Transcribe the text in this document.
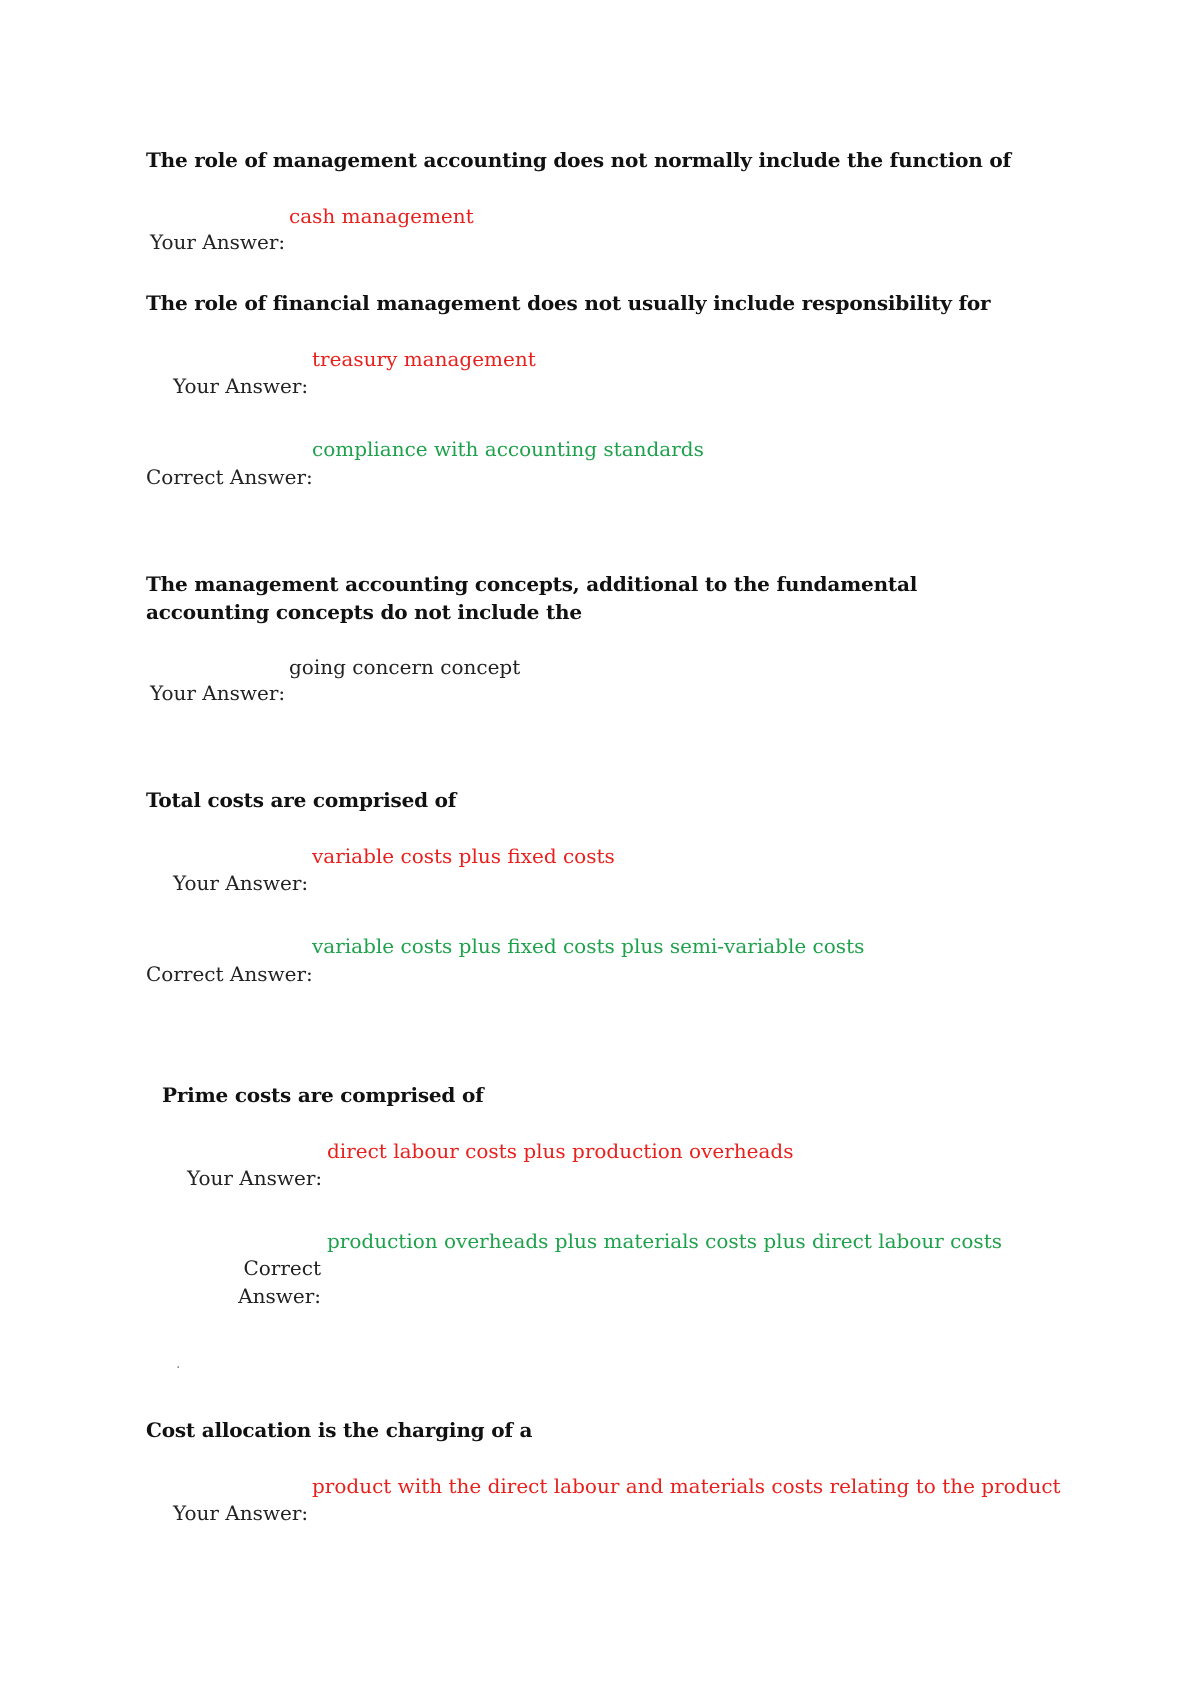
The role of management accounting does not normally include the function of
cash management
Your Answer:
The role of financial management does not usually include responsibility for
treasury management
Your Answer:
compliance with accounting standards
Correct Answer:
The management accounting concepts, additional to the fundamental accounting concepts do not include the
going concern concept
Your Answer:
Total costs are comprised of
variable costs plus fixed costs
Your Answer:
variable costs plus fixed costs plus semi-variable costs
Correct Answer:
Prime costs are comprised of
direct labour costs plus production overheads
Your Answer:
production overheads plus materials costs plus direct labour costs
Correct
Answer:
.
Cost allocation is the charging of a
product with the direct labour and materials costs relating to the product
Your Answer:
